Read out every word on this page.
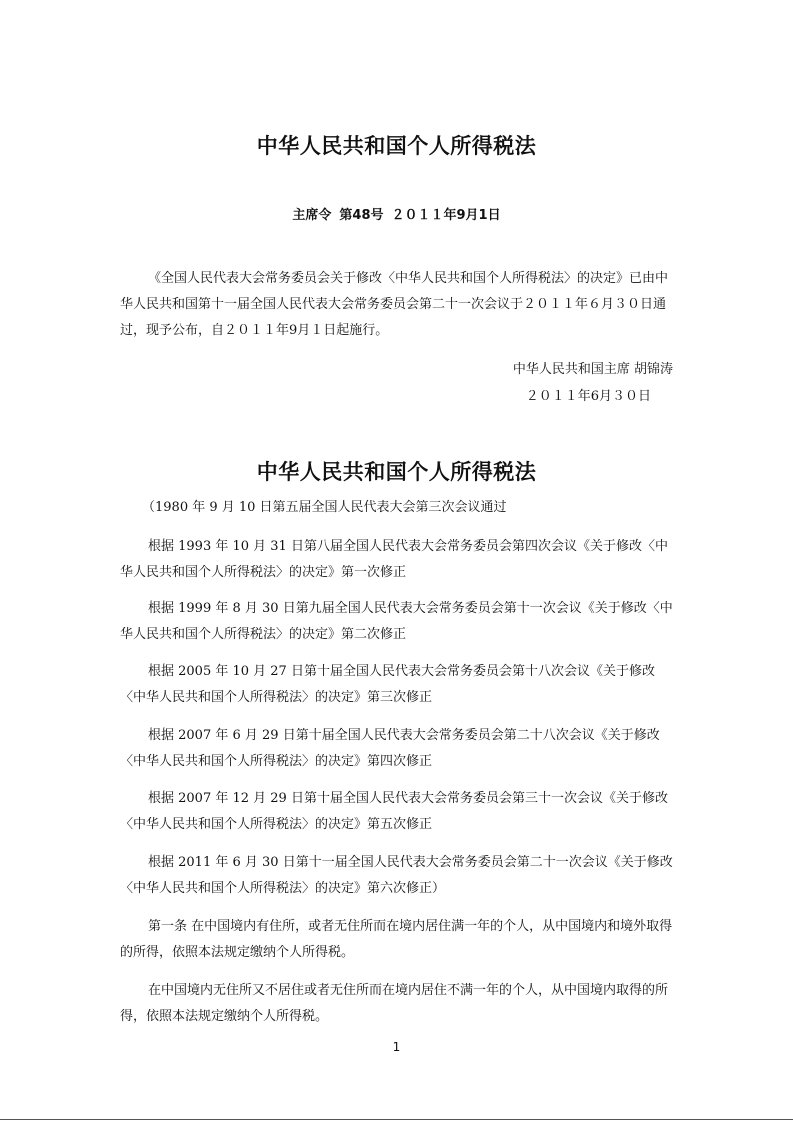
中华人民共和国个人所得税法
主席令 第48号 ２０１１年9月1日
《全国人民代表大会常务委员会关于修改〈中华人民共和国个人所得税法〉的决定》已由中华人民共和国第十一届全国人民代表大会常务委员会第二十一次会议于２０１１年６月３０日通过，现予公布，自２０１１年9月１日起施行。
中华人民共和国主席 胡锦涛
２０１１年6月３０日
中华人民共和国个人所得税法
（1980 年 9 月 10 日第五届全国人民代表大会第三次会议通过
根据 1993 年 10 月 31 日第八届全国人民代表大会常务委员会第四次会议《关于修改〈中华人民共和国个人所得税法〉的决定》第一次修正
根据 1999 年 8 月 30 日第九届全国人民代表大会常务委员会第十一次会议《关于修改〈中华人民共和国个人所得税法〉的决定》第二次修正
根据 2005 年 10 月 27 日第十届全国人民代表大会常务委员会第十八次会议《关于修改〈中华人民共和国个人所得税法〉的决定》第三次修正
根据 2007 年 6 月 29 日第十届全国人民代表大会常务委员会第二十八次会议《关于修改〈中华人民共和国个人所得税法〉的决定》第四次修正
根据 2007 年 12 月 29 日第十届全国人民代表大会常务委员会第三十一次会议《关于修改〈中华人民共和国个人所得税法〉的决定》第五次修正
根据 2011 年 6 月 30 日第十一届全国人民代表大会常务委员会第二十一次会议《关于修改〈中华人民共和国个人所得税法〉的决定》第六次修正）
第一条 在中国境内有住所，或者无住所而在境内居住满一年的个人，从中国境内和境外取得的所得，依照本法规定缴纳个人所得税。
在中国境内无住所又不居住或者无住所而在境内居住不满一年的个人，从中国境内取得的所得，依照本法规定缴纳个人所得税。
1
